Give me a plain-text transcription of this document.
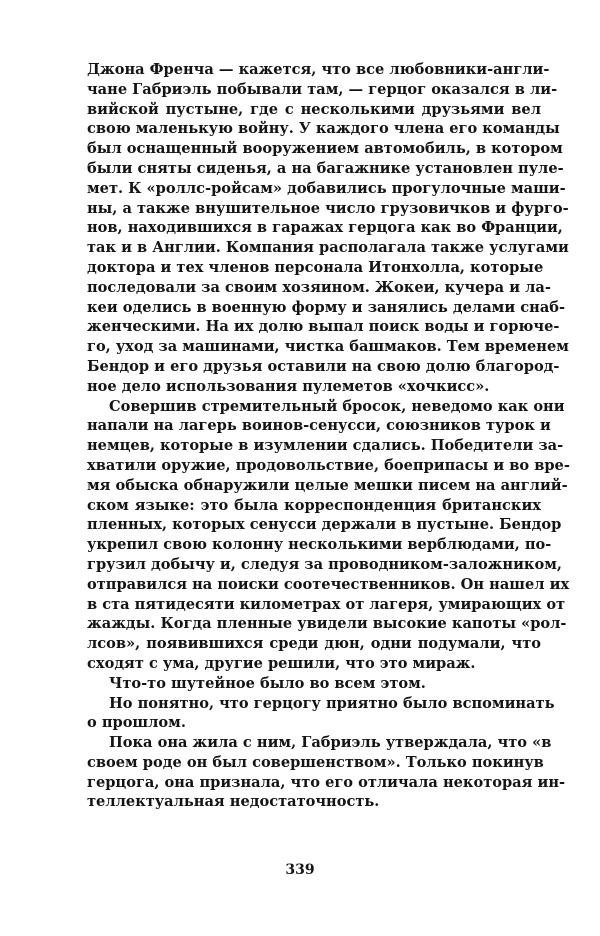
Джона Френча — кажется, что все любовники-англи-
чане Габриэль побывали там, — герцог оказался в ли-
вийской пустыне, где с несколькими друзьями вел
свою маленькую войну. У каждого члена его команды
был оснащенный вооружением автомобиль, в котором
были сняты сиденья, а на багажнике установлен пуле-
мет. К «роллс-ройсам» добавились прогулочные маши-
ны, а также внушительное число грузовичков и фурго-
нов, находившихся в гаражах герцога как во Франции,
так и в Англии. Компания располагала также услугами
доктора и тех членов персонала Итонхолла, которые
последовали за своим хозяином. Жокеи, кучера и ла-
кеи оделись в военную форму и занялись делами снаб-
женческими. На их долю выпал поиск воды и горюче-
го, уход за машинами, чистка башмаков. Тем временем
Бендор и его друзья оставили на свою долю благород-
ное дело использования пулеметов «хочкисс».
Совершив стремительный бросок, неведомо как они
напали на лагерь воинов-сенусси, союзников турок и
немцев, которые в изумлении сдались. Победители за-
хватили оружие, продовольствие, боеприпасы и во вре-
мя обыска обнаружили целые мешки писем на англий-
ском языке: это была корреспонденция британских
пленных, которых сенусси держали в пустыне. Бендор
укрепил свою колонну несколькими верблюдами, по-
грузил добычу и, следуя за проводником-заложником,
отправился на поиски соотечественников. Он нашел их
в ста пятидесяти километрах от лагеря, умирающих от
жажды. Когда пленные увидели высокие капоты «рол-
лсов», появившихся среди дюн, одни подумали, что
сходят с ума, другие решили, что это мираж.
Что-то шутейное было во всем этом.
Но понятно, что герцогу приятно было вспоминать
о прошлом.
Пока она жила с ним, Габриэль утверждала, что «в
своем роде он был совершенством». Только покинув
герцога, она признала, что его отличала некоторая ин-
теллектуальная недостаточность.
339
